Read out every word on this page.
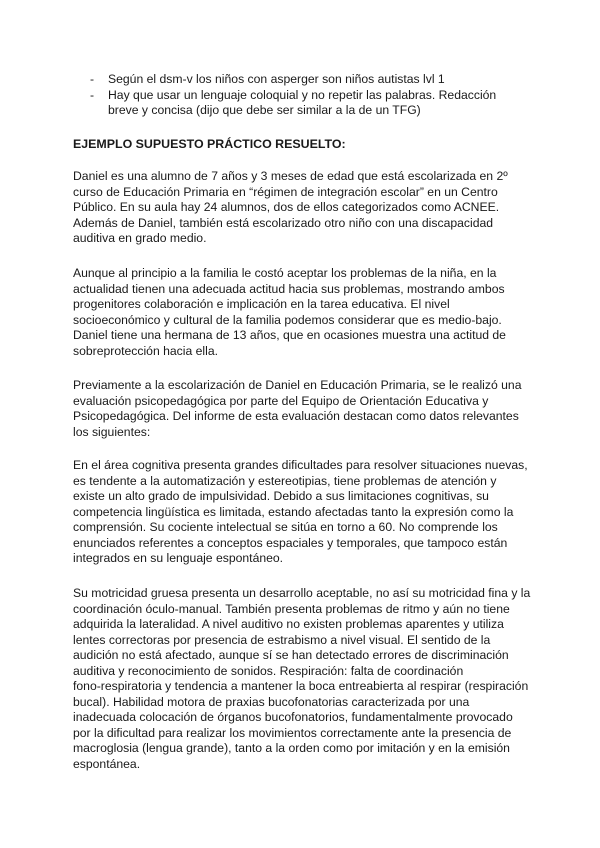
- Según el dsm-v los niños con asperger son niños autistas lvl 1
- Hay que usar un lenguaje coloquial y no repetir las palabras. Redacción
breve y concisa (dijo que debe ser similar a la de un TFG)
EJEMPLO SUPUESTO PRÁCTICO RESUELTO:

Daniel es una alumno de 7 años y 3 meses de edad que está escolarizada en 2º
curso de Educación Primaria en “régimen de integración escolar” en un Centro
Público. En su aula hay 24 alumnos, dos de ellos categorizados como ACNEE.
Además de Daniel, también está escolarizado otro niño con una discapacidad
auditiva en grado medio.

Aunque al principio a la familia le costó aceptar los problemas de la niña, en la
actualidad tienen una adecuada actitud hacia sus problemas, mostrando ambos
progenitores colaboración e implicación en la tarea educativa. El nivel
socioeconómico y cultural de la familia podemos considerar que es medio-bajo.
Daniel tiene una hermana de 13 años, que en ocasiones muestra una actitud de
sobreprotección hacia ella.

Previamente a la escolarización de Daniel en Educación Primaria, se le realizó una
evaluación psicopedagógica por parte del Equipo de Orientación Educativa y
Psicopedagógica. Del informe de esta evaluación destacan como datos relevantes
los siguientes:

En el área cognitiva presenta grandes dificultades para resolver situaciones nuevas,
es tendente a la automatización y estereotipias, tiene problemas de atención y
existe un alto grado de impulsividad. Debido a sus limitaciones cognitivas, su
competencia lingüística es limitada, estando afectadas tanto la expresión como la
comprensión. Su cociente intelectual se sitúa en torno a 60. No comprende los
enunciados referentes a conceptos espaciales y temporales, que tampoco están
integrados en su lenguaje espontáneo.

Su motricidad gruesa presenta un desarrollo aceptable, no así su motricidad fina y la
coordinación óculo-manual. También presenta problemas de ritmo y aún no tiene
adquirida la lateralidad. A nivel auditivo no existen problemas aparentes y utiliza
lentes correctoras por presencia de estrabismo a nivel visual. El sentido de la
audición no está afectado, aunque sí se han detectado errores de discriminación
auditiva y reconocimiento de sonidos. Respiración: falta de coordinación
fono-respiratoria y tendencia a mantener la boca entreabierta al respirar (respiración
bucal). Habilidad motora de praxias bucofonatorias caracterizada por una
inadecuada colocación de órganos bucofonatorios, fundamentalmente provocado
por la dificultad para realizar los movimientos correctamente ante la presencia de
macroglosia (lengua grande), tanto a la orden como por imitación y en la emisión
espontánea.
